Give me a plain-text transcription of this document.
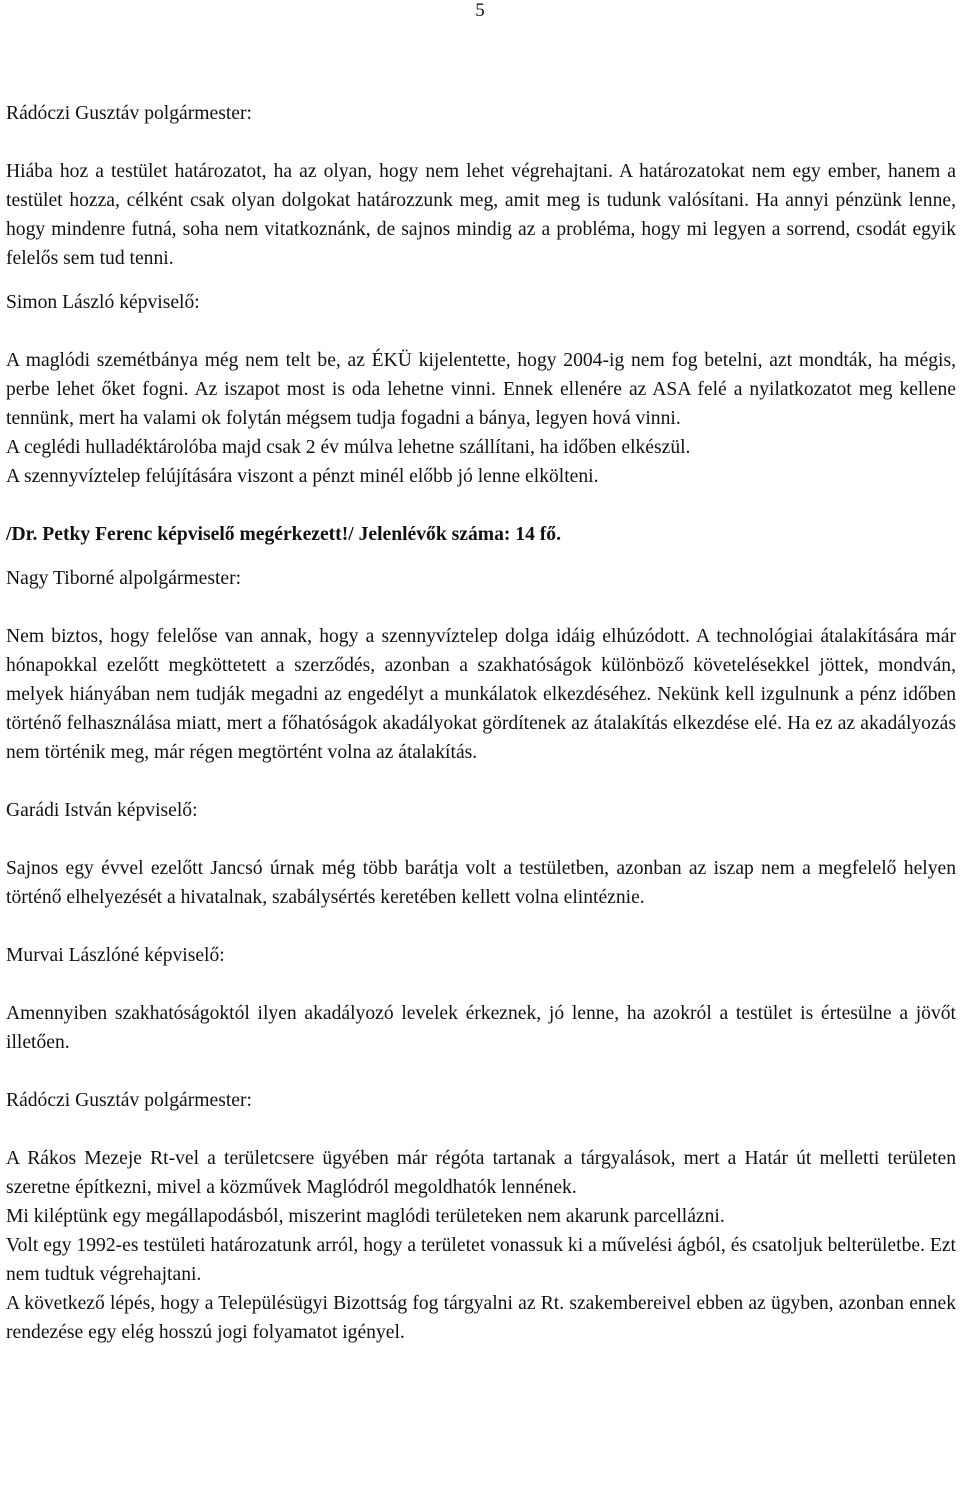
5

Rádóczi Gusztáv polgármester:

Hiába hoz a testület határozatot, ha az olyan, hogy nem lehet végrehajtani. A határozatokat nem egy ember, hanem a testület hozza, célként csak olyan dolgokat határozzunk meg, amit meg is tudunk valósítani. Ha annyi pénzünk lenne, hogy mindenre futná, soha nem vitatkoznánk, de sajnos mindig az a probléma, hogy mi legyen a sorrend, csodát egyik felelős sem tud tenni.

Simon László képviselő:

A maglódi szemétbánya még nem telt be, az ÉKÜ kijelentette, hogy 2004-ig nem fog betelni, azt mondták, ha mégis, perbe lehet őket fogni. Az iszapot most is oda lehetne vinni. Ennek ellenére az ASA felé a nyilatkozatot meg kellene tennünk, mert ha valami ok folytán mégsem tudja fogadni a bánya, legyen hová vinni.

A ceglédi hulladéktárolóba majd csak 2 év múlva lehetne szállítani, ha időben elkészül.

A szennyvíztelep felújítására viszont a pénzt minél előbb jó lenne elkölteni.

/Dr. Petky Ferenc képviselő megérkezett!/ Jelenlévők száma: 14 fő.

Nagy Tiborné alpolgármester:

Nem biztos, hogy felelőse van annak, hogy a szennyvíztelep dolga idáig elhúzódott. A technológiai átalakítására már hónapokkal ezelőtt megköttetett a szerződés, azonban a szakhatóságok különböző követelésekkel jöttek, mondván, melyek hiányában nem tudják megadni az engedélyt a munkálatok elkezdéséhez. Nekünk kell izgulnunk a pénz időben történő felhasználása miatt, mert a főhatóságok akadályokat gördítenek az átalakítás elkezdése elé. Ha ez az akadályozás nem történik meg, már régen megtörtént volna az átalakítás.

Garádi István képviselő:

Sajnos egy évvel ezelőtt Jancsó úrnak még több barátja volt a testületben, azonban az iszap nem a megfelelő helyen történő elhelyezését a hivatalnak, szabálysértés keretében kellett volna elintéznie.

Murvai Lászlóné képviselő:

Amennyiben szakhatóságoktól ilyen akadályozó levelek érkeznek, jó lenne, ha azokról a testület is értesülne a jövőt illetően.

Rádóczi Gusztáv polgármester:

A Rákos Mezeje Rt-vel a területcsere ügyében már régóta tartanak a tárgyalások, mert a Határ út melletti területen szeretne építkezni, mivel a közművek Maglódról megoldhatók lennének.

Mi kiléptünk egy megállapodásból, miszerint maglódi területeken nem akarunk parcellázni.

Volt egy 1992-es testületi határozatunk arról, hogy a területet vonassuk ki a művelési ágból, és csatoljuk belterületbe. Ezt nem tudtuk végrehajtani.

A következő lépés, hogy a Településügyi Bizottság fog tárgyalni az Rt. szakembereivel ebben az ügyben, azonban ennek rendezése egy elég hosszú jogi folyamatot igényel.
